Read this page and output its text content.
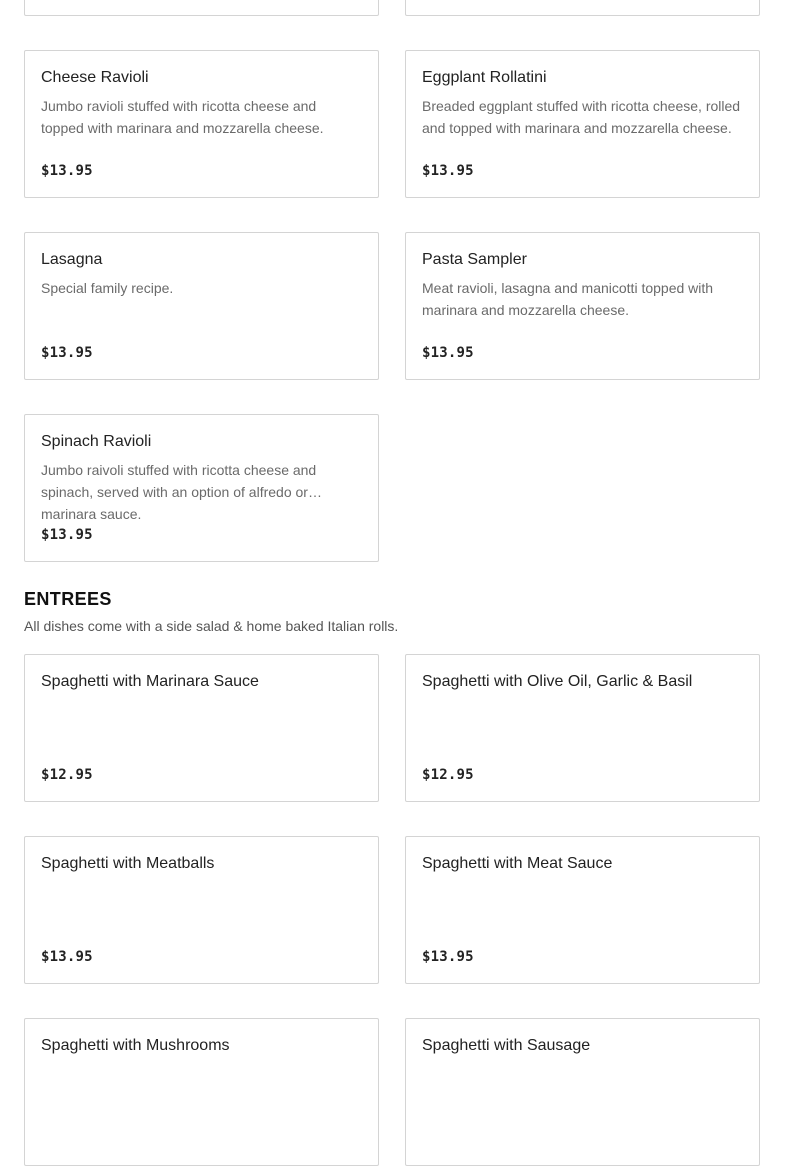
Cheese Ravioli
Jumbo ravioli stuffed with ricotta cheese and topped with marinara and mozzarella cheese.
$13.95
Eggplant Rollatini
Breaded eggplant stuffed with ricotta cheese, rolled and topped with marinara and mozzarella cheese.
$13.95
Lasagna
Special family recipe.
$13.95
Pasta Sampler
Meat ravioli, lasagna and manicotti topped with marinara and mozzarella cheese.
$13.95
Spinach Ravioli
Jumbo raivoli stuffed with ricotta cheese and spinach, served with an option of alfredo or marinara sauce.
$13.95
ENTREES
All dishes come with a side salad & home baked Italian rolls.
Spaghetti with Marinara Sauce
$12.95
Spaghetti with Olive Oil, Garlic & Basil
$12.95
Spaghetti with Meatballs
$13.95
Spaghetti with Meat Sauce
$13.95
Spaghetti with Mushrooms	Spaghetti with Sausage
